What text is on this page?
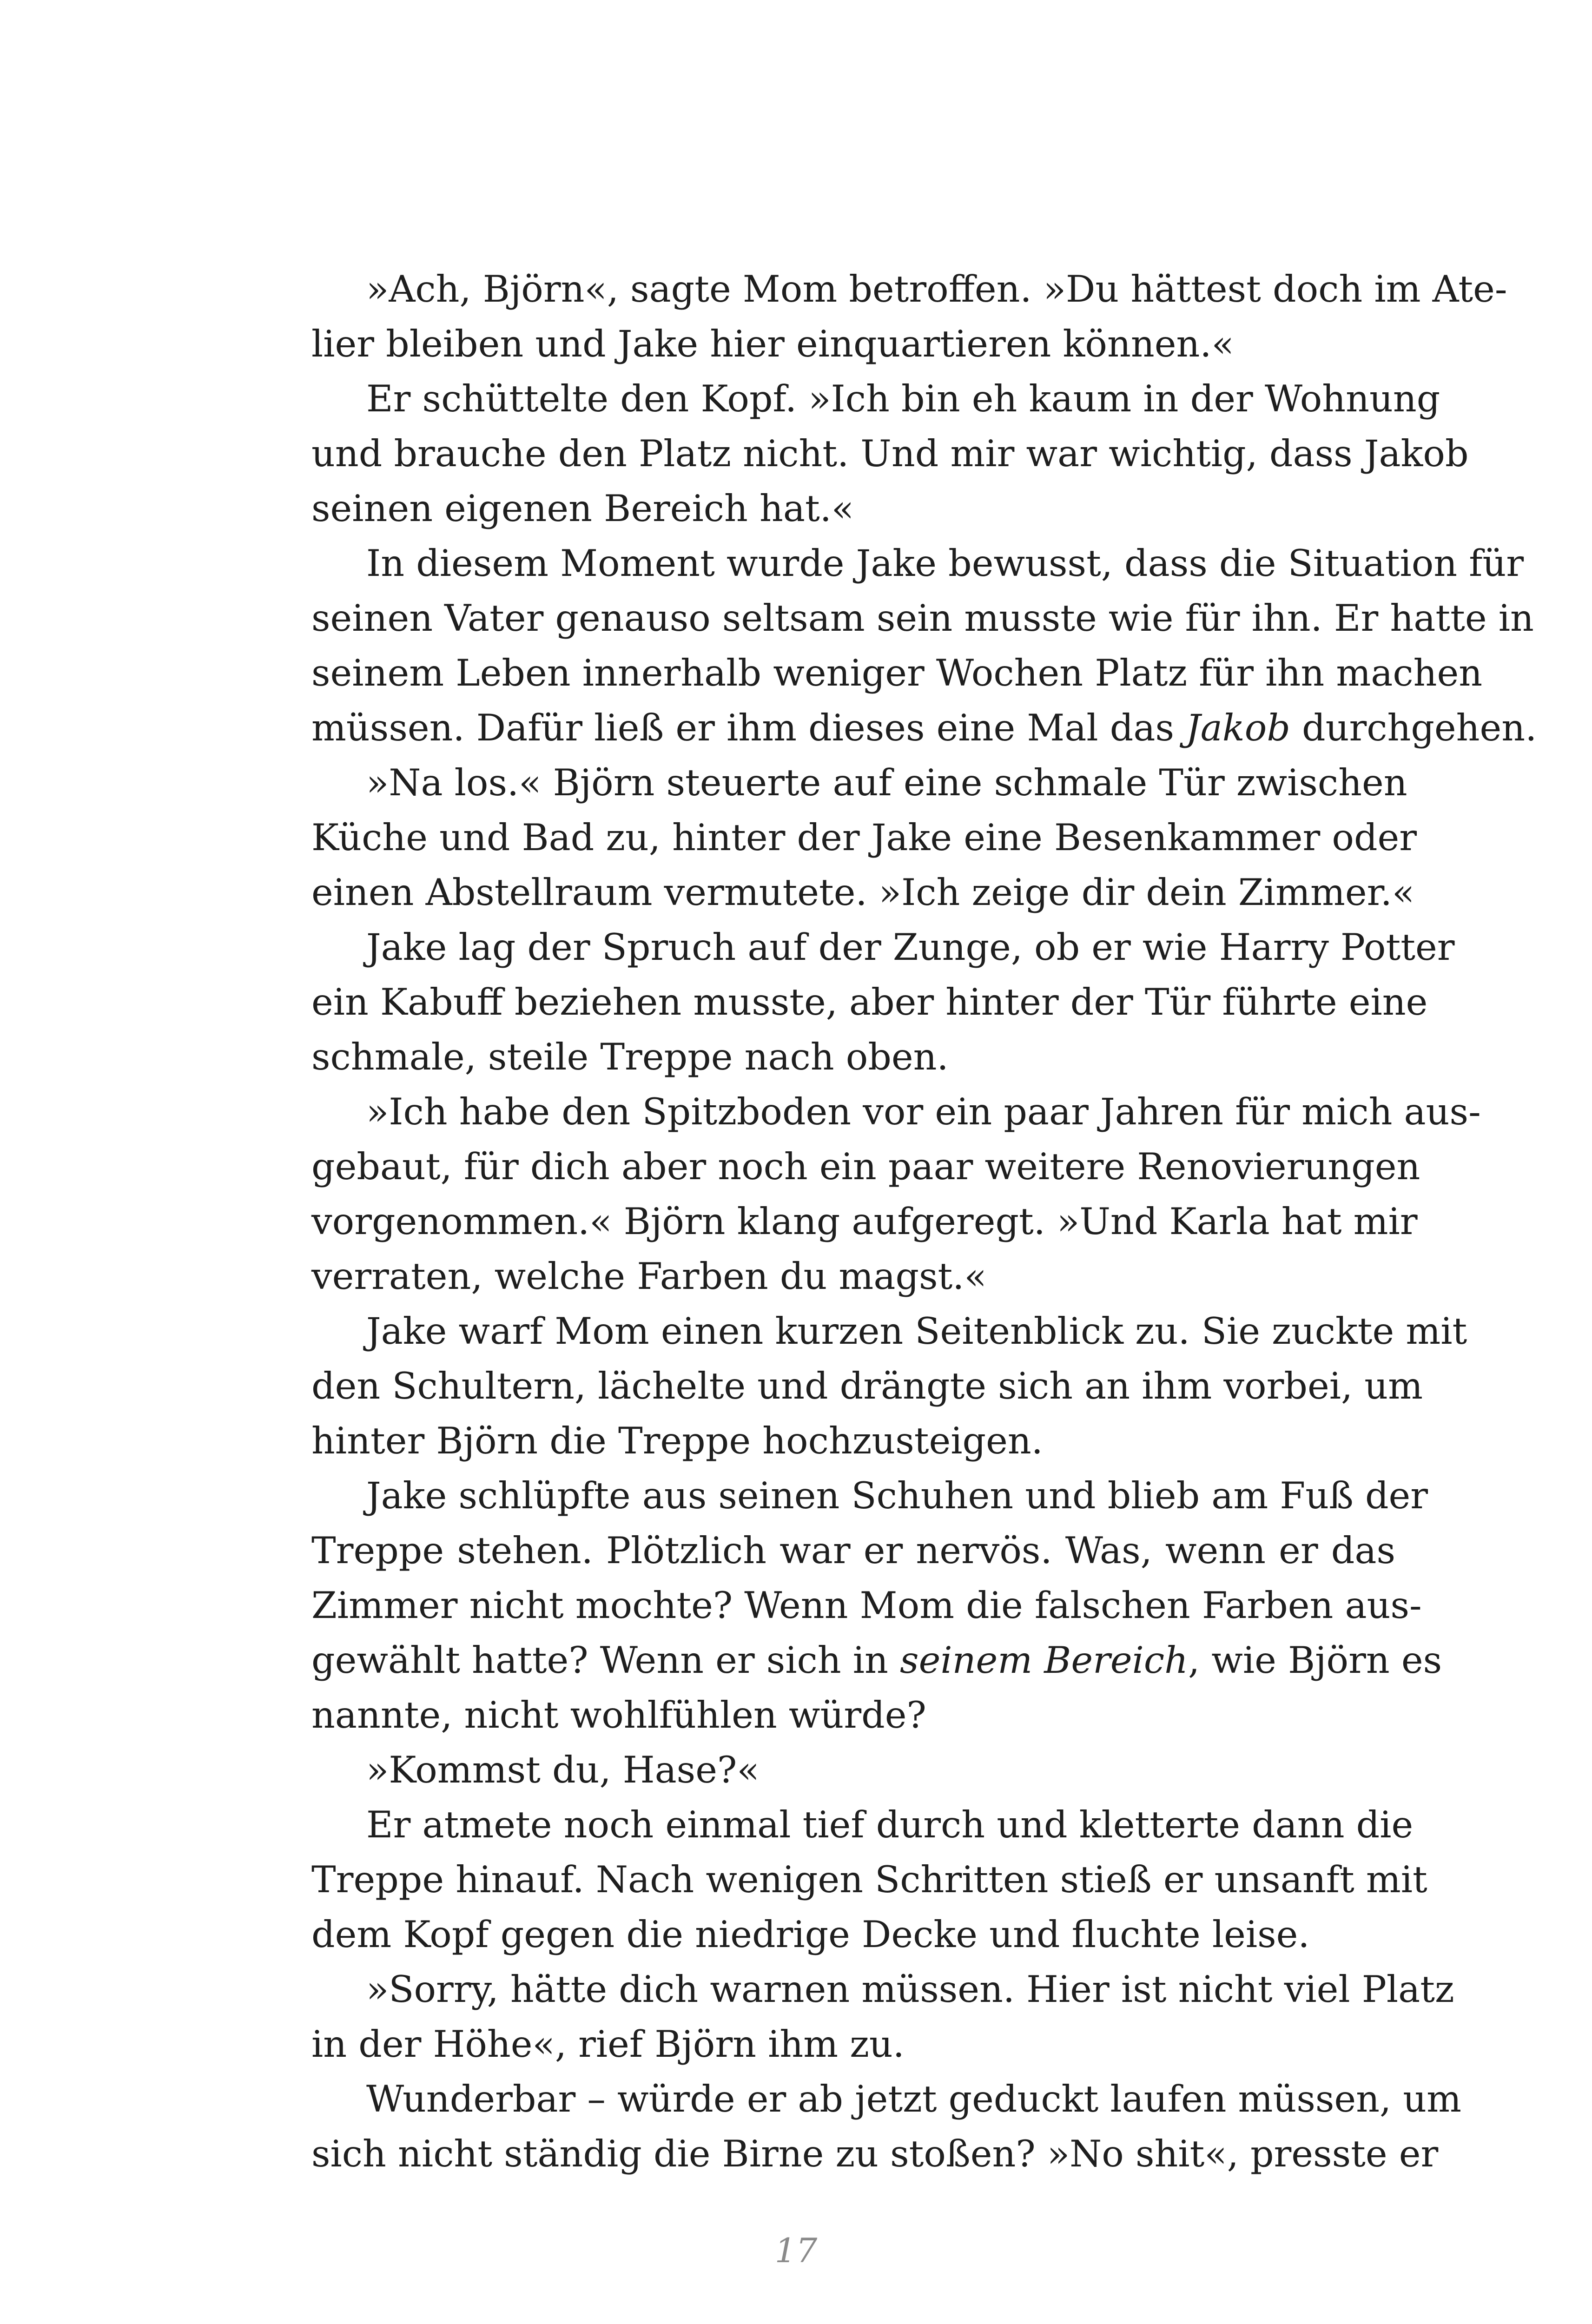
»Ach, Björn«, sagte Mom betroffen. »Du hättest doch im Ate-
lier bleiben und Jake hier einquartieren können.«

Er schüttelte den Kopf. »Ich bin eh kaum in der Wohnung
und brauche den Platz nicht. Und mir war wichtig, dass Jakob
seinen eigenen Bereich hat.«

In diesem Moment wurde Jake bewusst, dass die Situation für
seinen Vater genauso seltsam sein musste wie für ihn. Er hatte in
seinem Leben innerhalb weniger Wochen Platz für ihn machen
müssen. Dafür ließ er ihm dieses eine Mal das Jakob durchgehen.

»Na los.« Björn steuerte auf eine schmale Tür zwischen
Küche und Bad zu, hinter der Jake eine Besenkammer oder
einen Abstellraum vermutete. »Ich zeige dir dein Zimmer.«

Jake lag der Spruch auf der Zunge, ob er wie Harry Potter
ein Kabuff beziehen musste, aber hinter der Tür führte eine
schmale, steile Treppe nach oben.

»Ich habe den Spitzboden vor ein paar Jahren für mich aus-
gebaut, für dich aber noch ein paar weitere Renovierungen
vorgenommen.« Björn klang aufgeregt. »Und Karla hat mir
verraten, welche Farben du magst.«

Jake warf Mom einen kurzen Seitenblick zu. Sie zuckte mit
den Schultern, lächelte und drängte sich an ihm vorbei, um
hinter Björn die Treppe hochzusteigen.

Jake schlüpfte aus seinen Schuhen und blieb am Fuß der
Treppe stehen. Plötzlich war er nervös. Was, wenn er das
Zimmer nicht mochte? Wenn Mom die falschen Farben aus-
gewählt hatte? Wenn er sich in seinem Bereich, wie Björn es
nannte, nicht wohlfühlen würde?

»Kommst du, Hase?«

Er atmete noch einmal tief durch und kletterte dann die
Treppe hinauf. Nach wenigen Schritten stieß er unsanft mit
dem Kopf gegen die niedrige Decke und fluchte leise.

»Sorry, hätte dich warnen müssen. Hier ist nicht viel Platz
in der Höhe«, rief Björn ihm zu.

Wunderbar – würde er ab jetzt geduckt laufen müssen, um
sich nicht ständig die Birne zu stoßen? »No shit«, presste er

17
